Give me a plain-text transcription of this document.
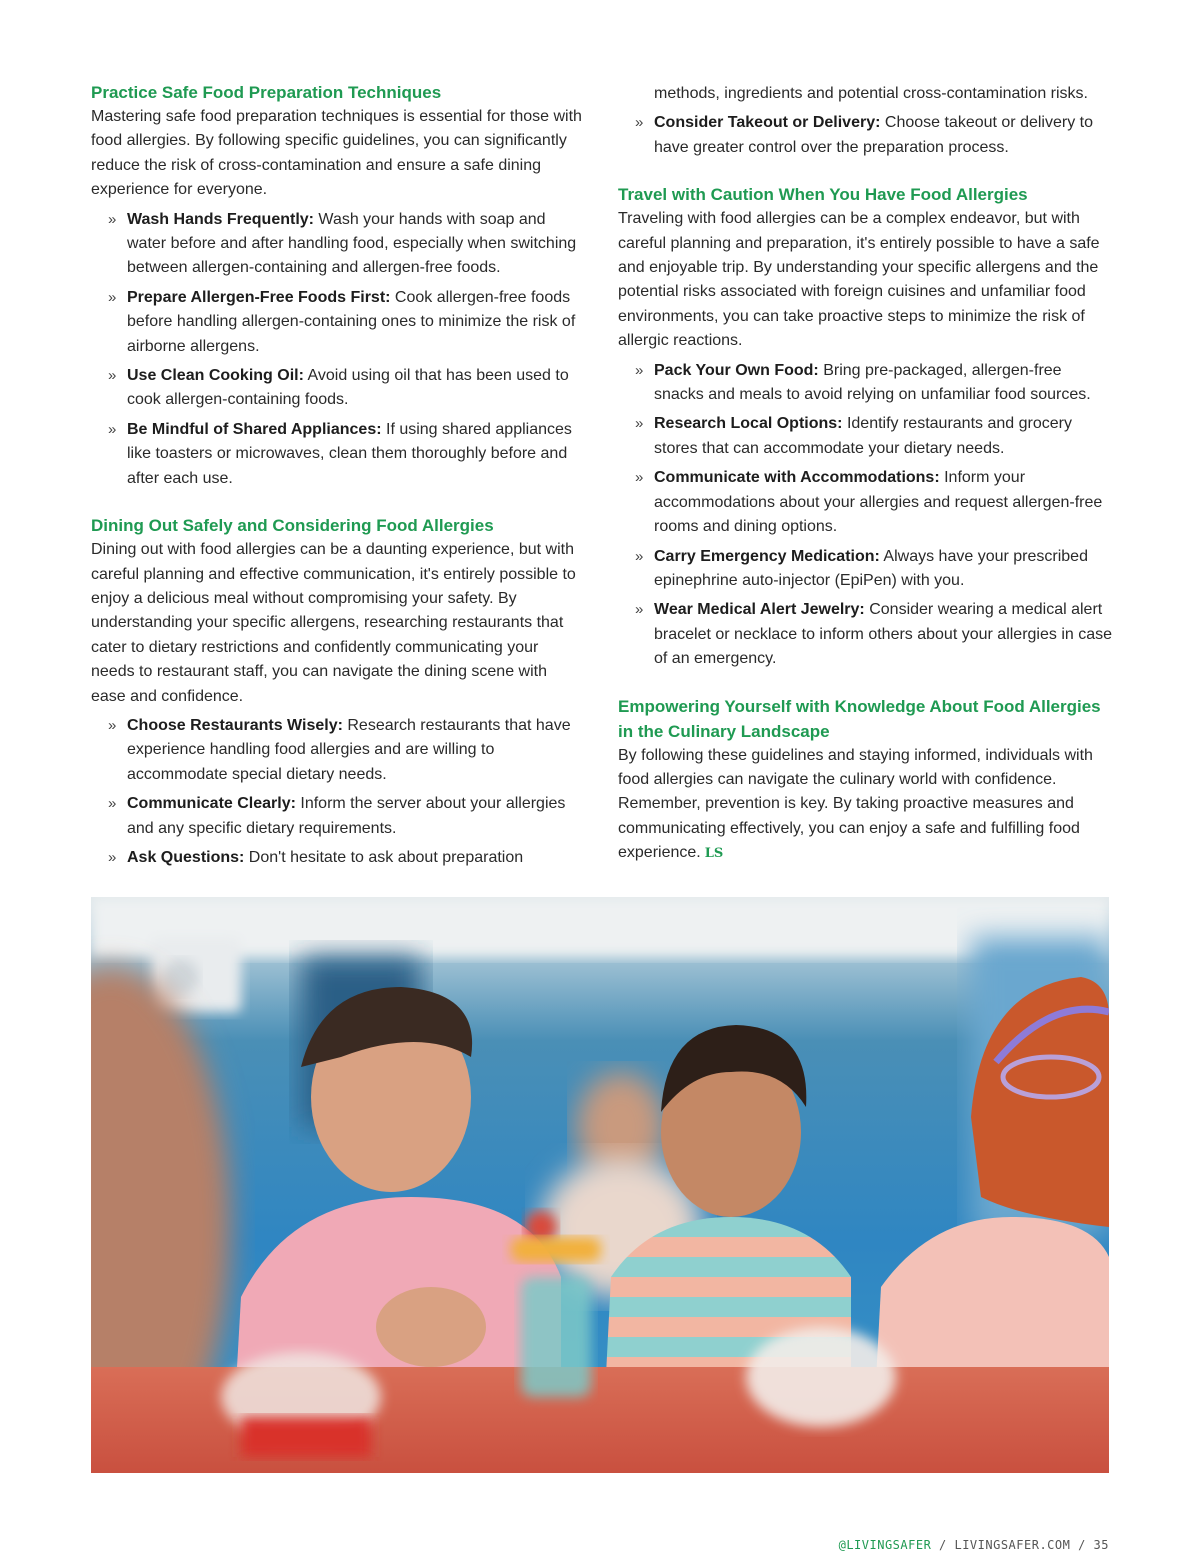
Practice Safe Food Preparation Techniques

Mastering safe food preparation techniques is essential for those with food allergies. By following specific guidelines, you can significantly reduce the risk of cross-contamination and ensure a safe dining experience for everyone.

» Wash Hands Frequently: Wash your hands with soap and water before and after handling food, especially when switching between allergen-containing and allergen-free foods.
» Prepare Allergen-Free Foods First: Cook allergen-free foods before handling allergen-containing ones to minimize the risk of airborne allergens.
» Use Clean Cooking Oil: Avoid using oil that has been used to cook allergen-containing foods.
» Be Mindful of Shared Appliances: If using shared appliances like toasters or microwaves, clean them thoroughly before and after each use.
Dining Out Safely and Considering Food Allergies

Dining out with food allergies can be a daunting experience, but with careful planning and effective communication, it's entirely possible to enjoy a delicious meal without compromising your safety. By understanding your specific allergens, researching restaurants that cater to dietary restrictions and confidently communicating your needs to restaurant staff, you can navigate the dining scene with ease and confidence.

» Choose Restaurants Wisely: Research restaurants that have experience handling food allergies and are willing to accommodate special dietary needs.
» Communicate Clearly: Inform the server about your allergies and any specific dietary requirements.
» Ask Questions: Don't hesitate to ask about preparation

methods, ingredients and potential cross-contamination risks.

» Consider Takeout or Delivery: Choose takeout or delivery to have greater control over the preparation process.
Travel with Caution When You Have Food Allergies

Traveling with food allergies can be a complex endeavor, but with careful planning and preparation, it's entirely possible to have a safe and enjoyable trip. By understanding your specific allergens and the potential risks associated with foreign cuisines and unfamiliar food environments, you can take proactive steps to minimize the risk of allergic reactions.

» Pack Your Own Food: Bring pre-packaged, allergen-free snacks and meals to avoid relying on unfamiliar food sources.
» Research Local Options: Identify restaurants and grocery stores that can accommodate your dietary needs.
» Communicate with Accommodations: Inform your accommodations about your allergies and request allergen-free rooms and dining options.
» Carry Emergency Medication: Always have your prescribed epinephrine auto-injector (EpiPen) with you.
» Wear Medical Alert Jewelry: Consider wearing a medical alert bracelet or necklace to inform others about your allergies in case of an emergency.
Empowering Yourself with Knowledge About Food Allergies in the Culinary Landscape

By following these guidelines and staying informed, individuals with food allergies can navigate the culinary world with confidence. Remember, prevention is key. By taking proactive measures and communicating effectively, you can enjoy a safe and fulfilling food experience. LS

@LIVINGSAFER / LIVINGSAFER.COM / 35
